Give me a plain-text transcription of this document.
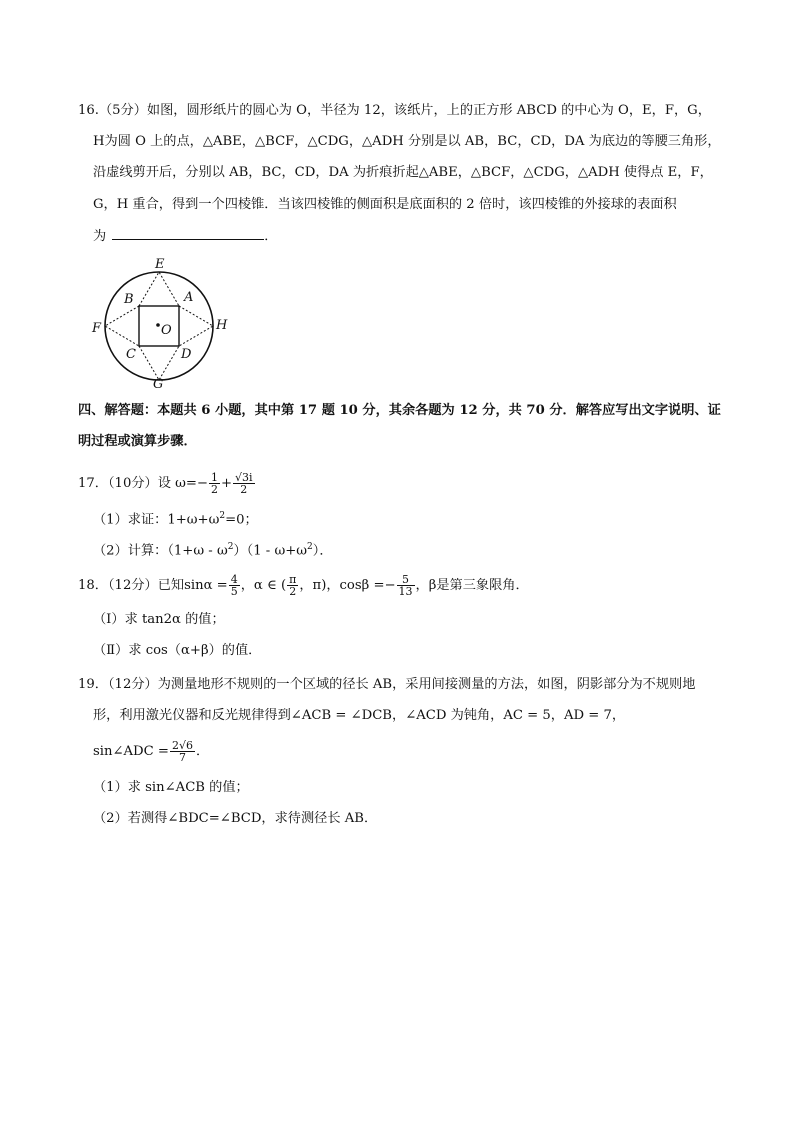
16.（5分）如图，圆形纸片的圆心为 O，半径为 12，该纸片，上的正方形 ABCD 的中心为 O，E，F，G，
H为圆 O 上的点，△ABE，△BCF，△CDG，△ADH 分别是以 AB，BC，CD，DA 为底边的等腰三角形，
沿虚线剪开后，分别以 AB，BC，CD，DA 为折痕折起△ABE，△BCF，△CDG，△ADH 使得点 E，F，
G，H 重合，得到一个四棱锥．当该四棱锥的侧面积是底面积的 2 倍时，该四棱锥的外接球的表面积
为	．
E
B	A
F	O	H
C	D
G
四、解答题：本题共 6 小题，其中第 17 题 10 分，其余各题为 12 分，共 70 分．解答应写出文字说明、证
明过程或演算步骤．
17．（10分）设 $\omega=- \frac{1}{2} + \frac{√3i}{2}$
（1）求证：$1+\omega+\omega^2=0$；
（2）计算：$(1+\omega - \omega^2)(1 - \omega+\omega^2)$．
18．（12分）已知$\sin\alpha = \frac{4}{5}$ ，α ∈ ( $\frac{\pi}{2}$ ，π)，$\cos\beta =- \frac{5}{13}$ ，β是第三象限角．
（Ⅰ）求 tan2α 的值；
（Ⅱ）求 cos（α+β）的值．
19．（12分）为测量地形不规则的一个区域的径长 AB，采用间接测量的方法，如图，阴影部分为不规则地
形，利用激光仪器和反光规律得到∠ACB = ∠DCB，∠ACD 为钝角，AC = 5，AD = 7，
sin∠ADC = $\frac{2√6}{7}$ ．
（1）求 sin∠ACB 的值；
（2）若测得∠BDC=∠BCD，求待测径长 AB．
